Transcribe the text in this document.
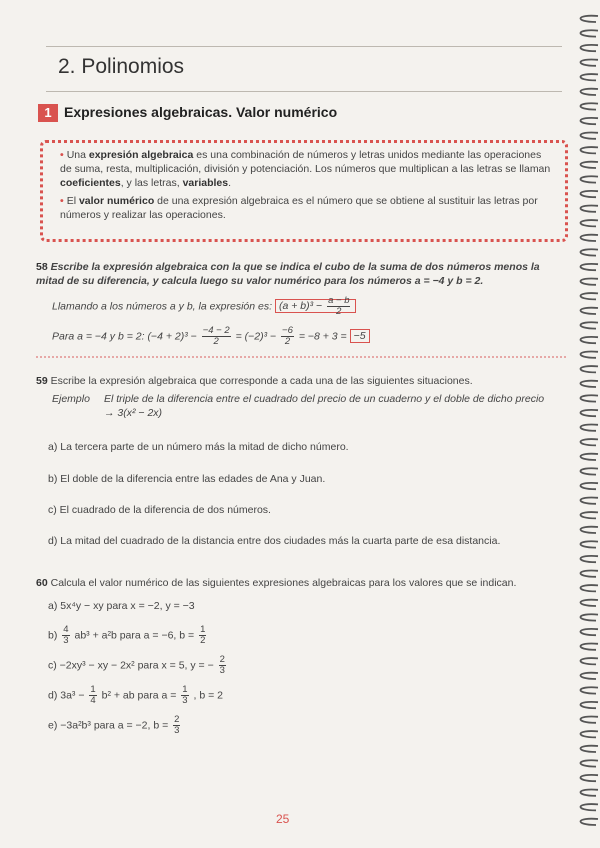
2. Polinomios
1 Expresiones algebraicas. Valor numérico
• Una expresión algebraica es una combinación de números y letras unidos mediante las operaciones de suma, resta, multiplicación, división y potenciación. Los números que multiplican a las letras se llaman coeficientes, y las letras, variables.
• El valor numérico de una expresión algebraica es el número que se obtiene al sustituir las letras por números y realizar las operaciones.
58 Escribe la expresión algebraica con la que se indica el cubo de la suma de dos números menos la mitad de su diferencia, y calcula luego su valor numérico para los números a = −4 y b = 2.
Llamando a los números a y b, la expresión es: $(a + b)^3 - \frac{a - b}{2}$
Para a = −4 y b = 2: $(-4 + 2)^3 - \frac{-4 - 2}{2} = (-2)^3 - \frac{-6}{2} = -8 + 3 = -5$
59 Escribe la expresión algebraica que corresponde a cada una de las siguientes situaciones.
Ejemplo	El triple de la diferencia entre el cuadrado del precio de un cuaderno y el doble de dicho precio → 3(x² − 2x)
a) La tercera parte de un número más la mitad de dicho número.
b) El doble de la diferencia entre las edades de Ana y Juan.
c) El cuadrado de la diferencia de dos números.
d) La mitad del cuadrado de la distancia entre dos ciudades más la cuarta parte de esa distancia.
60 Calcula el valor numérico de las siguientes expresiones algebraicas para los valores que se indican.
a) 5x⁴y − xy para x = −2, y = −3
$b) \frac{4}{3} ab^3 + a^2b$ para a = −6, $b = \frac{1}{2}$
c) −2xy³ − xy − 2x² para x = 5, y = − $\frac{2}{3}$
d) $3a^3 - \frac{1}{4} b^2$ + ab para $a = \frac{1}{3}$ , b = 2
e) −3a²b³ para a = −2, $b = \frac{2}{3}$
25
